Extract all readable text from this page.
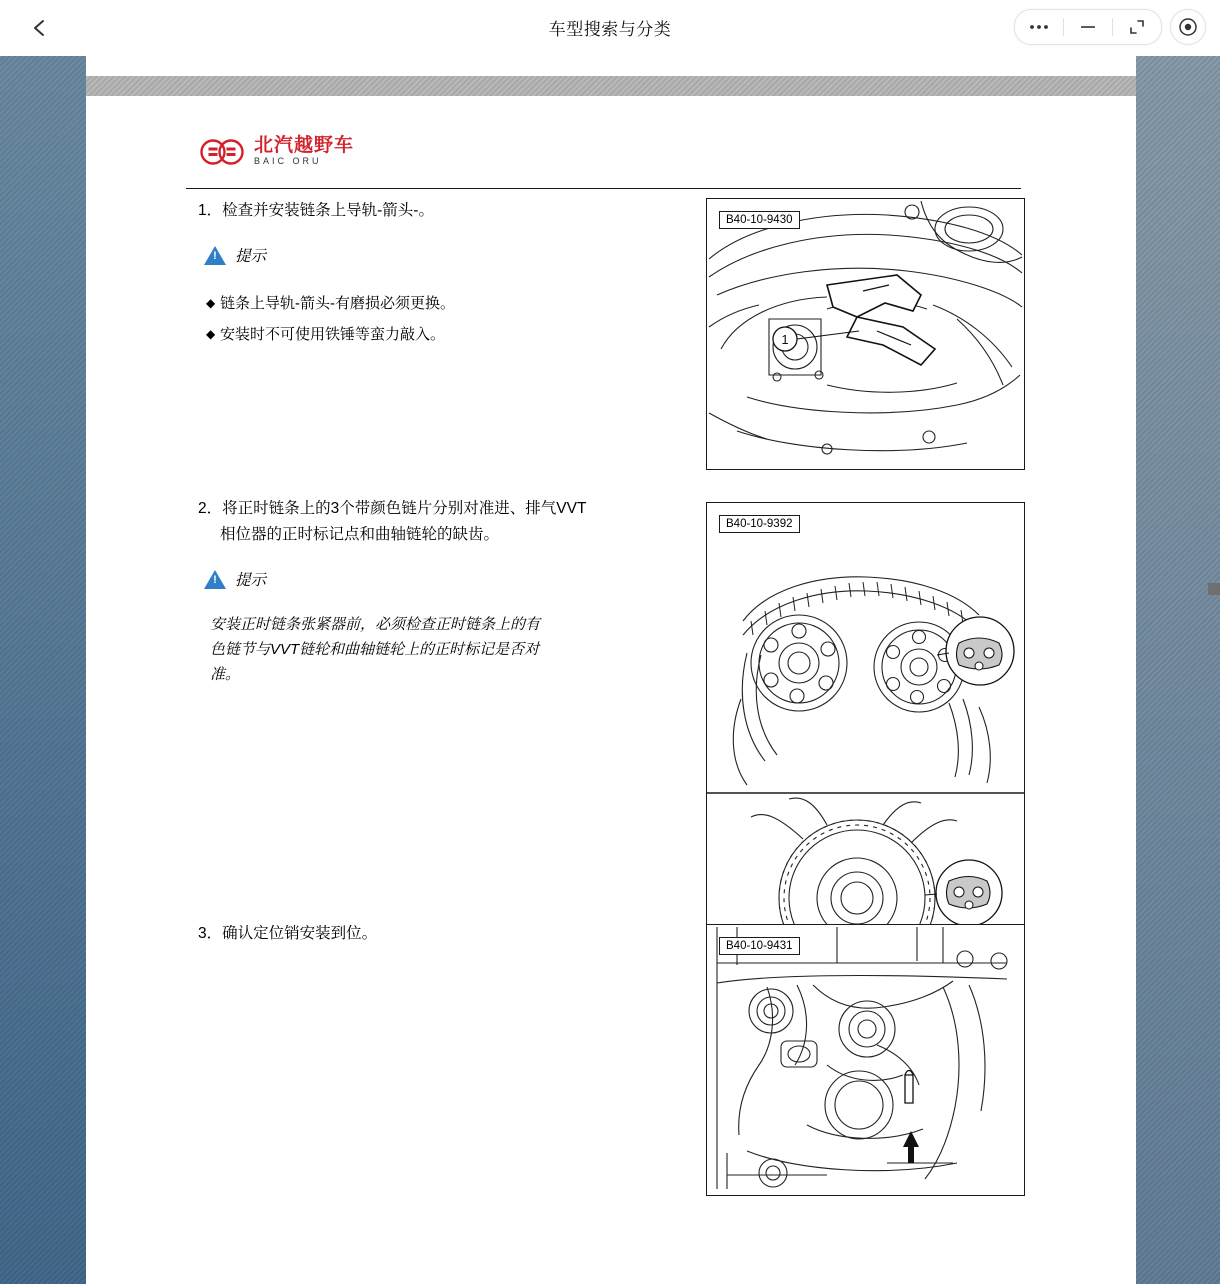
车型搜索与分类
北汽越野车
BAIC ORU
1．检查并安装链条上导轨-箭头-。
!
提示
◆ 链条上导轨-箭头-有磨损必须更换。
◆ 安装时不可使用铁锤等蛮力敲入。
B40-10-9430
1
2．将正时链条上的3个带颜色链片分别对准进、排气VVT
相位器的正时标记点和曲轴链轮的缺齿。
!
提示
安装正时链条张紧器前，必须检查正时链条上的有
色链节与VVT链轮和曲轴链轮上的正时标记是否对
准。
B40-10-9392
3．确认定位销安装到位。
B40-10-9431
